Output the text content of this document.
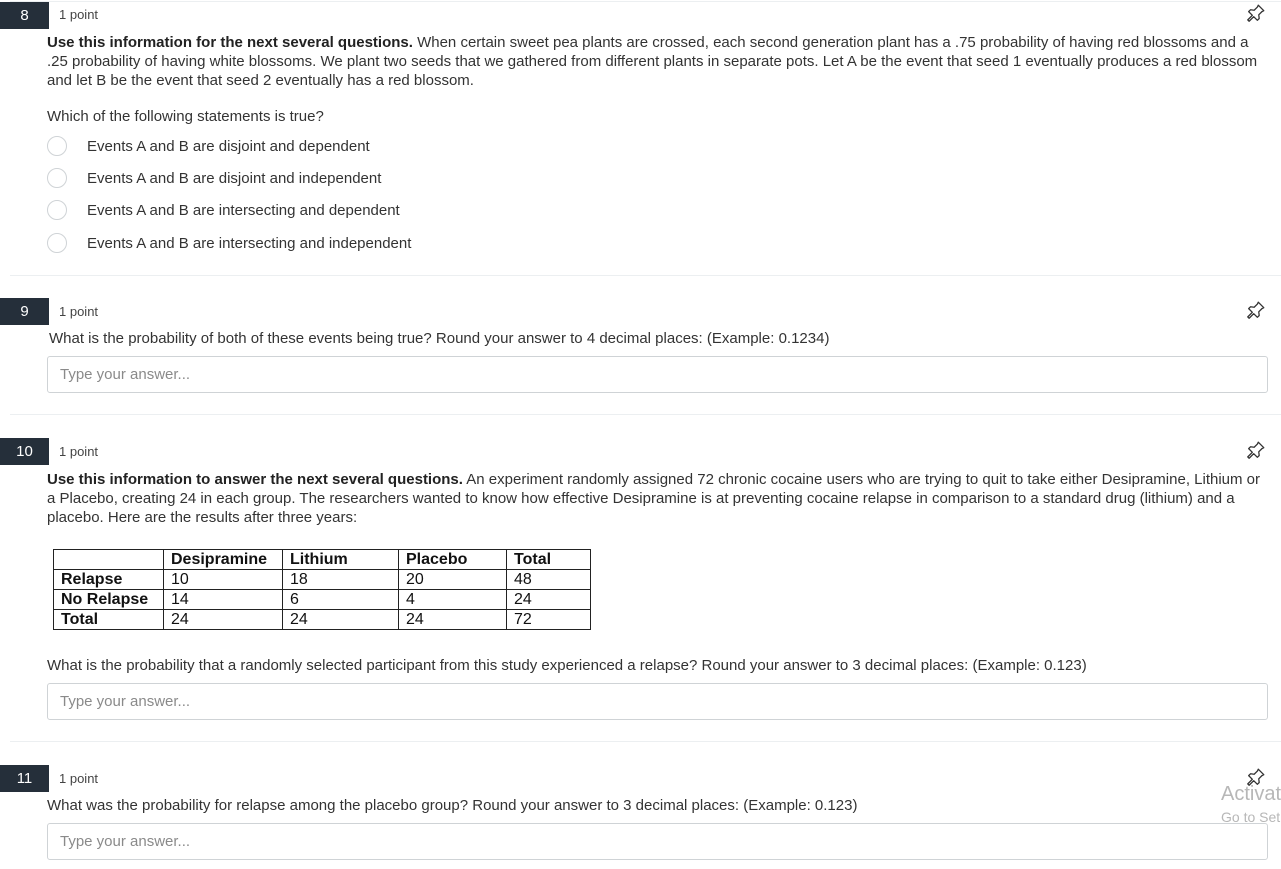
8	1 point
Use this information for the next several questions. When certain sweet pea plants are crossed, each second generation plant has a .75 probability of having red blossoms and a .25 probability of having white blossoms. We plant two seeds that we gathered from different plants in separate pots. Let A be the event that seed 1 eventually produces a red blossom and let B be the event that seed 2 eventually has a red blossom.
Which of the following statements is true?
Events A and B are disjoint and dependent
Events A and B are disjoint and independent
Events A and B are intersecting and dependent
Events A and B are intersecting and independent
9	1 point
What is the probability of both of these events being true? Round your answer to 4 decimal places: (Example: 0.1234)
Type your answer...
10	1 point
Use this information to answer the next several questions. An experiment randomly assigned 72 chronic cocaine users who are trying to quit to take either Desipramine, Lithium or a Placebo, creating 24 in each group. The researchers wanted to know how effective Desipramine is at preventing cocaine relapse in comparison to a standard drug (lithium) and a placebo. Here are the results after three years:
	Desipramine	Lithium	Placebo	Total
Relapse	10	18	20	48
No Relapse	14	6	4	24
Total	24	24	24	72
What is the probability that a randomly selected participant from this study experienced a relapse? Round your answer to 3 decimal places: (Example: 0.123)
Type your answer...
11	1 point
What was the probability for relapse among the placebo group? Round your answer to 3 decimal places: (Example: 0.123)
Type your answer...
Activat
Go to Set
